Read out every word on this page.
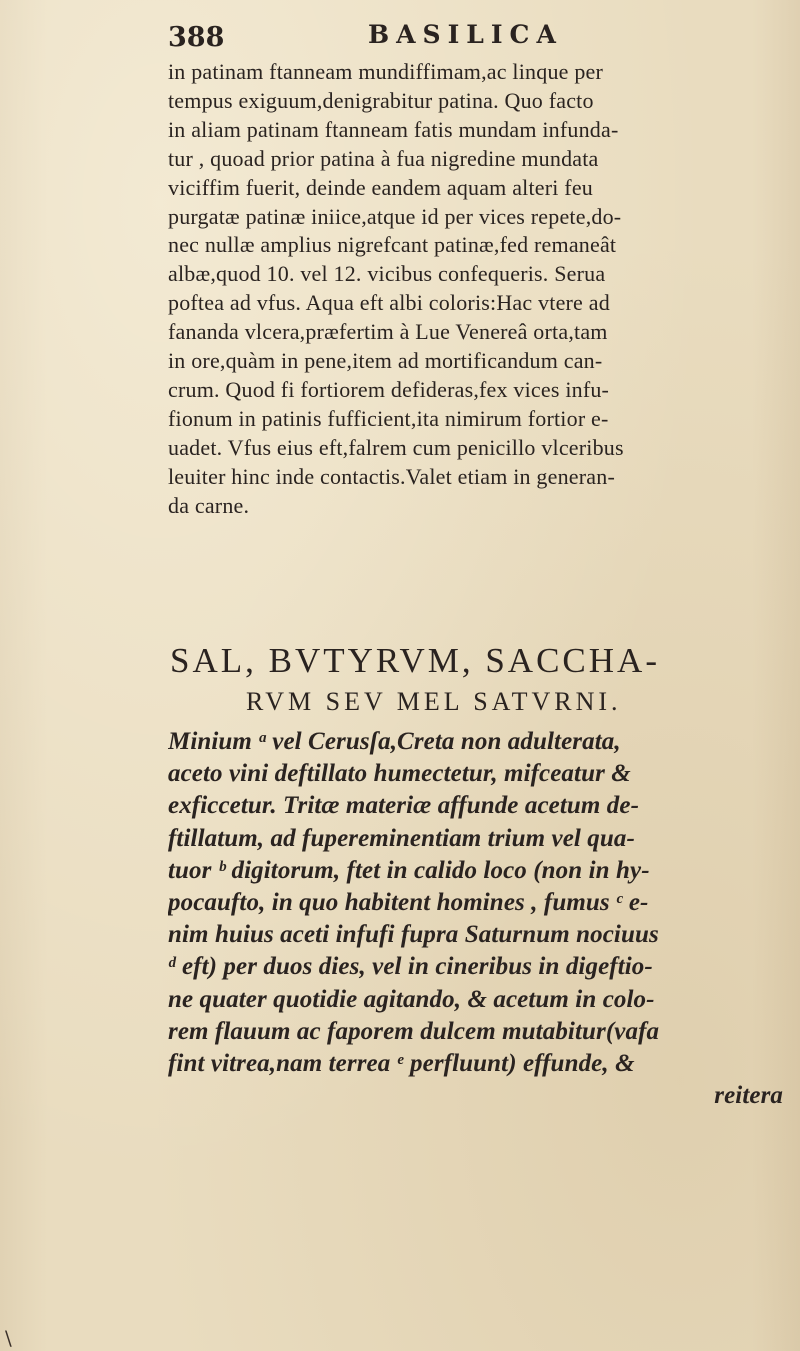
388	BASILICA
in patinam ftanneam mundiffimam,ac linque per
tempus exiguum,denigrabitur patina. Quo facto
in aliam patinam ftanneam fatis mundam infunda-
tur , quoad prior patina à fua nigredine mundata
viciffim fuerit, deinde eandem aquam alteri feu
purgatæ patinæ iniice,atque id per vices repete,do-
nec nullæ amplius nigrefcant patinæ,fed remaneât
albæ,quod 10. vel 12. vicibus confequeris. Serua
poftea ad vfus. Aqua eft albi coloris:Hac vtere ad
fananda vlcera,præfertim à Lue Venereâ orta,tam
in ore,quàm in pene,item ad mortificandum can-
crum. Quod fi fortiorem defideras,fex vices infu-
fionum in patinis fufficient,ita nimirum fortior e-
uadet. Vfus eius eft,falrem cum penicillo vlceribus
leuiter hinc inde contactis.Valet etiam in generan-
da carne.
SAL, BVTYRVM, SACCHA-
RVM SEV MEL SATVRNI.
Minium ᵃ vel Cerusſa,Creta non adulterata,
aceto vini deftillato humectetur, mifceatur &
exficcetur. Tritæ materiæ affunde acetum de-
ftillatum, ad fupereminentiam trium vel qua-
tuor ᵇ digitorum, ftet in calido loco (non in hy-
pocaufto, in quo habitent homines , fumus ᶜ e-
nim huius aceti infufi fupra Saturnum nociuus
ᵈ eft) per duos dies, vel in cineribus in digeftio-
ne quater quotidie agitando, & acetum in colo-
rem flauum ac faporem dulcem mutabitur(vafa
fint vitrea,nam terrea ᵉ perfluunt) effunde, &
reitera
\
